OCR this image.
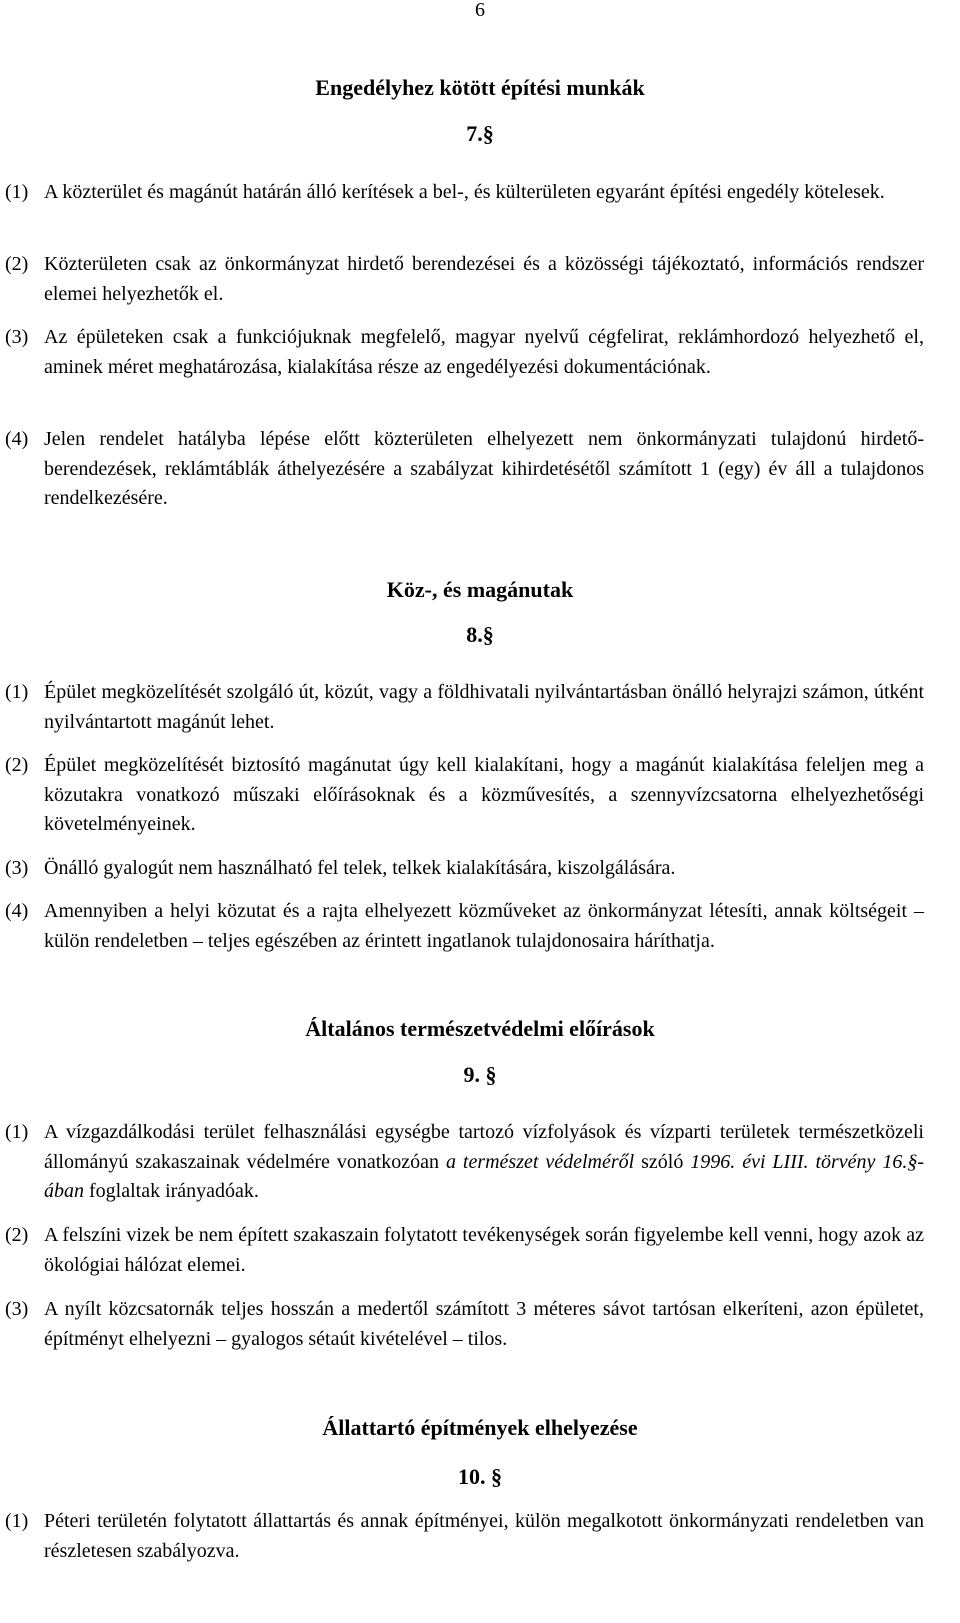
6
Engedélyhez kötött építési munkák
7.§
(1) A közterület és magánút határán álló kerítések a bel-, és külterületen egyaránt építési engedély kötelesek.
(2) Közterületen csak az önkormányzat hirdető berendezései és a közösségi tájékoztató, információs rendszer elemei helyezhetők el.
(3) Az épületeken csak a funkciójuknak megfelelő, magyar nyelvű cégfelirat, reklámhordozó helyezhető el, aminek méret meghatározása, kialakítása része az engedélyezési dokumentációnak.
(4) Jelen rendelet hatályba lépése előtt közterületen elhelyezett nem önkormányzati tulajdonú hirdető-berendezések, reklámtáblák áthelyezésére a szabályzat kihirdetésétől számított 1 (egy) év áll a tulajdonos rendelkezésére.
Köz-, és magánutak
8.§
(1) Épület megközelítését szolgáló út, közút, vagy a földhivatali nyilvántartásban önálló helyrajzi számon, útként nyilvántartott magánút lehet.
(2) Épület megközelítését biztosító magánutat úgy kell kialakítani, hogy a magánút kialakítása feleljen meg a közutakra vonatkozó műszaki előírásoknak és a közművesítés, a szennyvízcsatorna elhelyezhetőségi követelményeinek.
(3) Önálló gyalogút nem használható fel telek, telkek kialakítására, kiszolgálására.
(4) Amennyiben a helyi közutat és a rajta elhelyezett közműveket az önkormányzat létesíti, annak költségeit – külön rendeletben – teljes egészében az érintett ingatlanok tulajdonosaira háríthatja.
Általános természetvédelmi előírások
9. §
(1) A vízgazdálkodási terület felhasználási egységbe tartozó vízfolyások és vízparti területek természetközeli állományú szakaszainak védelmére vonatkozóan a természet védelméről szóló 1996. évi LIII. törvény 16.§-ában foglaltak irányadóak.
(2) A felszíni vizek be nem épített szakaszain folytatott tevékenységek során figyelembe kell venni, hogy azok az ökológiai hálózat elemei.
(3) A nyílt közcsatornák teljes hosszán a medertől számított 3 méteres sávot tartósan elkeríteni, azon épületet, építményt elhelyezni – gyalogos sétaút kivételével – tilos.
Állattartó építmények elhelyezése
10. §
(1) Péteri területén folytatott állattartás és annak építményei, külön megalkotott önkormányzati rendeletben van részletesen szabályozva.
